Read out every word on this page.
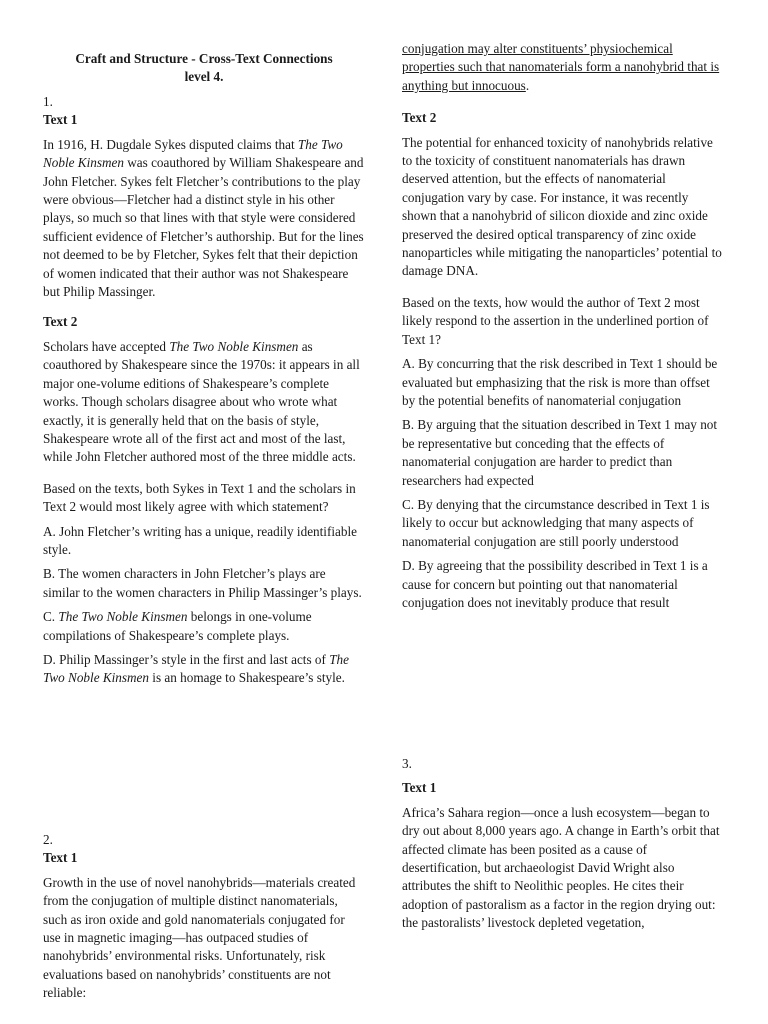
Craft and Structure - Cross-Text Connections
level 4.

1.

Text 1

In 1916, H. Dugdale Sykes disputed claims that The Two Noble Kinsmen was coauthored by William Shakespeare and John Fletcher. Sykes felt Fletcher’s contributions to the play were obvious—Fletcher had a distinct style in his other plays, so much so that lines with that style were considered sufficient evidence of Fletcher’s authorship. But for the lines not deemed to be by Fletcher, Sykes felt that their depiction of women indicated that their author was not Shakespeare but Philip Massinger.

Text 2

Scholars have accepted The Two Noble Kinsmen as coauthored by Shakespeare since the 1970s: it appears in all major one-volume editions of Shakespeare’s complete works. Though scholars disagree about who wrote what exactly, it is generally held that on the basis of style, Shakespeare wrote all of the first act and most of the last, while John Fletcher authored most of the three middle acts.

Based on the texts, both Sykes in Text 1 and the scholars in Text 2 would most likely agree with which statement?

A. John Fletcher’s writing has a unique, readily identifiable style.

B. The women characters in John Fletcher’s plays are similar to the women characters in Philip Massinger’s plays.

C. The Two Noble Kinsmen belongs in one-volume compilations of Shakespeare’s complete plays.

D. Philip Massinger’s style in the first and last acts of The Two Noble Kinsmen is an homage to Shakespeare’s style.

2.

Text 1

Growth in the use of novel nanohybrids—materials created from the conjugation of multiple distinct nanomaterials, such as iron oxide and gold nanomaterials conjugated for use in magnetic imaging—has outpaced studies of nanohybrids’ environmental risks. Unfortunately, risk evaluations based on nanohybrids’ constituents are not reliable:

conjugation may alter constituents’ physiochemical properties such that nanomaterials form a nanohybrid that is anything but innocuous.

Text 2

The potential for enhanced toxicity of nanohybrids relative to the toxicity of constituent nanomaterials has drawn deserved attention, but the effects of nanomaterial conjugation vary by case. For instance, it was recently shown that a nanohybrid of silicon dioxide and zinc oxide preserved the desired optical transparency of zinc oxide nanoparticles while mitigating the nanoparticles’ potential to damage DNA.

Based on the texts, how would the author of Text 2 most likely respond to the assertion in the underlined portion of Text 1?

A. By concurring that the risk described in Text 1 should be evaluated but emphasizing that the risk is more than offset by the potential benefits of nanomaterial conjugation

B. By arguing that the situation described in Text 1 may not be representative but conceding that the effects of nanomaterial conjugation are harder to predict than researchers had expected

C. By denying that the circumstance described in Text 1 is likely to occur but acknowledging that many aspects of nanomaterial conjugation are still poorly understood

D. By agreeing that the possibility described in Text 1 is a cause for concern but pointing out that nanomaterial conjugation does not inevitably produce that result

3.

Text 1

Africa’s Sahara region—once a lush ecosystem—began to dry out about 8,000 years ago. A change in Earth’s orbit that affected climate has been posited as a cause of desertification, but archaeologist David Wright also attributes the shift to Neolithic peoples. He cites their adoption of pastoralism as a factor in the region drying out: the pastoralists’ livestock depleted vegetation,
